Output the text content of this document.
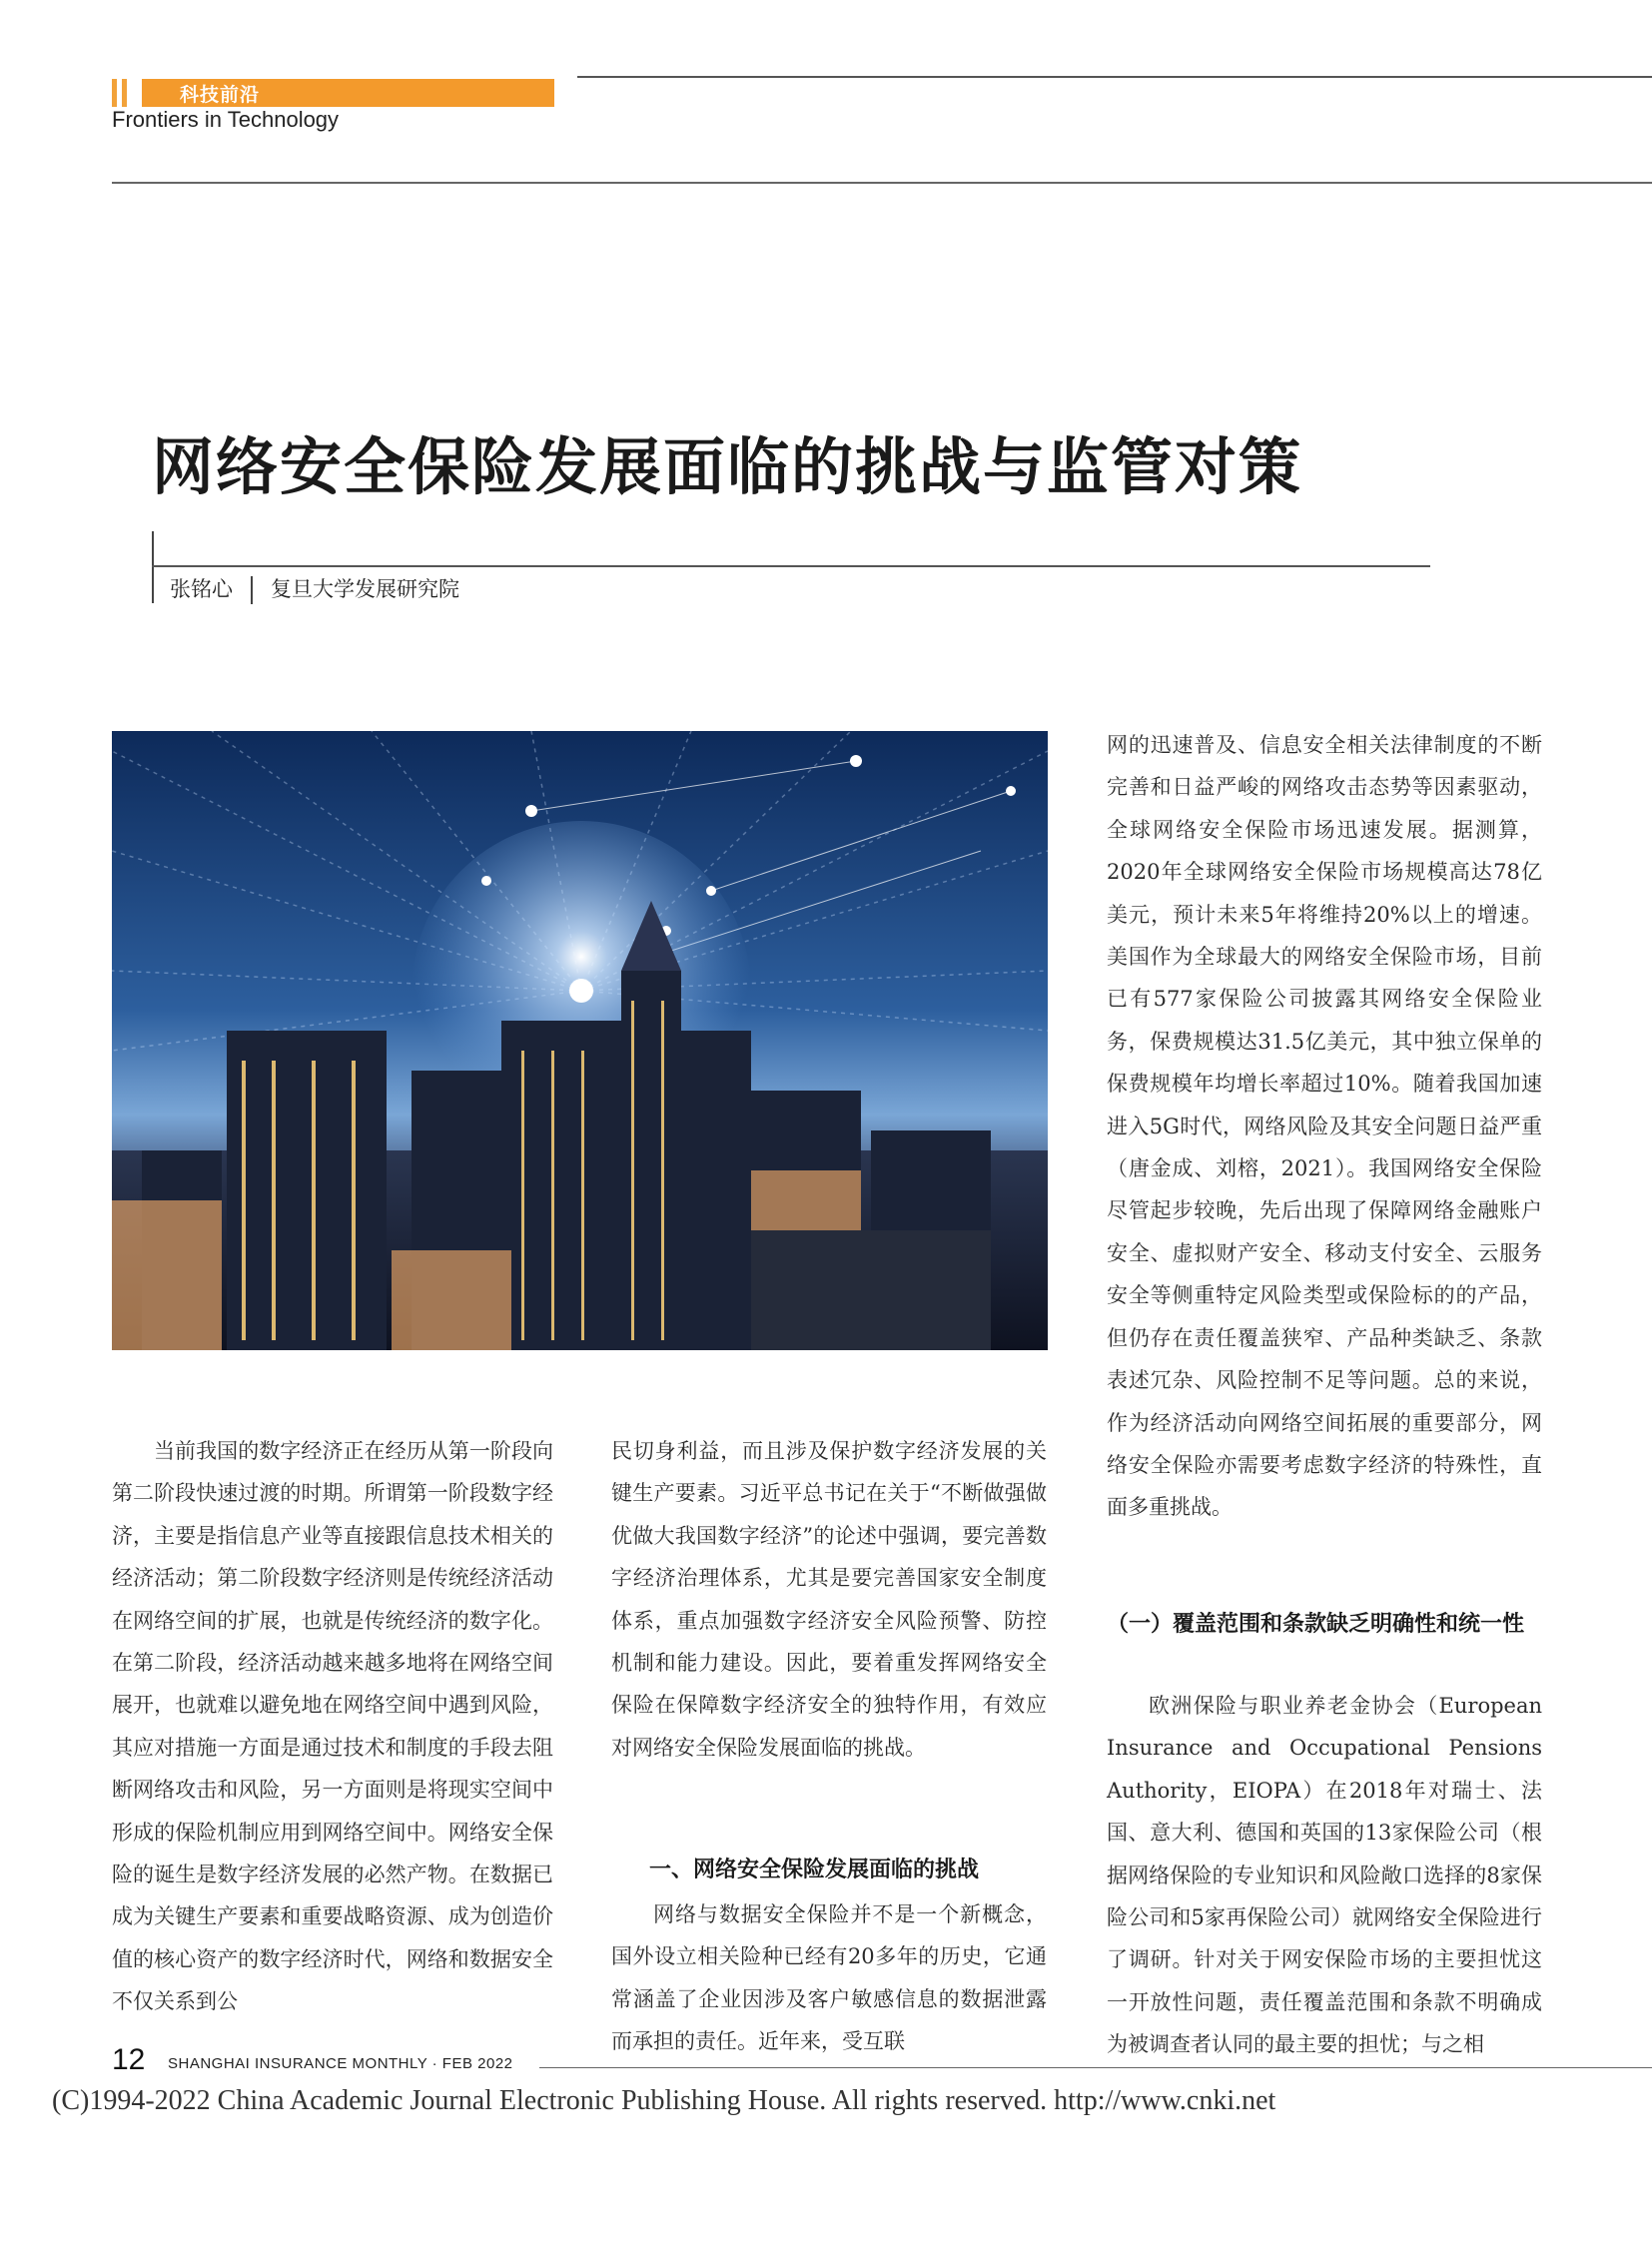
科技前沿
Frontiers in Technology
网络安全保险发展面临的挑战与监管对策
张铭心 复旦大学发展研究院

当前我国的数字经济正在经历从第一阶段向第二阶段快速过渡的时期。所谓第一阶段数字经济，主要是指信息产业等直接跟信息技术相关的经济活动；第二阶段数字经济则是传统经济活动在网络空间的扩展，也就是传统经济的数字化。在第二阶段，经济活动越来越多地将在网络空间展开，也就难以避免地在网络空间中遇到风险，其应对措施一方面是通过技术和制度的手段去阻断网络攻击和风险，另一方面则是将现实空间中形成的保险机制应用到网络空间中。网络安全保险的诞生是数字经济发展的必然产物。在数据已成为关键生产要素和重要战略资源、成为创造价值的核心资产的数字经济时代，网络和数据安全不仅关系到公

民切身利益，而且涉及保护数字经济发展的关键生产要素。习近平总书记在关于“不断做强做优做大我国数字经济”的论述中强调，要完善数字经济治理体系，尤其是要完善国家安全制度体系，重点加强数字经济安全风险预警、防控机制和能力建设。因此，要着重发挥网络安全保险在保障数字经济安全的独特作用，有效应对网络安全保险发展面临的挑战。

一、网络安全保险发展面临的挑战

网络与数据安全保险并不是一个新概念，国外设立相关险种已经有20多年的历史，它通常涵盖了企业因涉及客户敏感信息的数据泄露而承担的责任。近年来，受互联

网的迅速普及、信息安全相关法律制度的不断完善和日益严峻的网络攻击态势等因素驱动，全球网络安全保险市场迅速发展。据测算，2020年全球网络安全保险市场规模高达78亿美元，预计未来5年将维持20%以上的增速。美国作为全球最大的网络安全保险市场，目前已有577家保险公司披露其网络安全保险业务，保费规模达31.5亿美元，其中独立保单的保费规模年均增长率超过10%。随着我国加速进入5G时代，网络风险及其安全问题日益严重（唐金成、刘榕，2021）。我国网络安全保险尽管起步较晚，先后出现了保障网络金融账户安全、虚拟财产安全、移动支付安全、云服务安全等侧重特定风险类型或保险标的的产品，但仍存在责任覆盖狭窄、产品种类缺乏、条款表述冗杂、风险控制不足等问题。总的来说，作为经济活动向网络空间拓展的重要部分，网络安全保险亦需要考虑数字经济的特殊性，直面多重挑战。

（一）覆盖范围和条款缺乏明确性和统一性

欧洲保险与职业养老金协会（European Insurance and Occupational Pensions Authority，EIOPA）在2018年对瑞士、法国、意大利、德国和英国的13家保险公司（根据网络保险的专业知识和风险敞口选择的8家保险公司和5家再保险公司）就网络安全保险进行了调研。针对关于网安保险市场的主要担忧这一开放性问题，责任覆盖范围和条款不明确成为被调查者认同的最主要的担忧；与之相

12 SHANGHAI INSURANCE MONTHLY · FEB 2022
(C)1994-2022 China Academic Journal Electronic Publishing House. All rights reserved. http://www.cnki.net
